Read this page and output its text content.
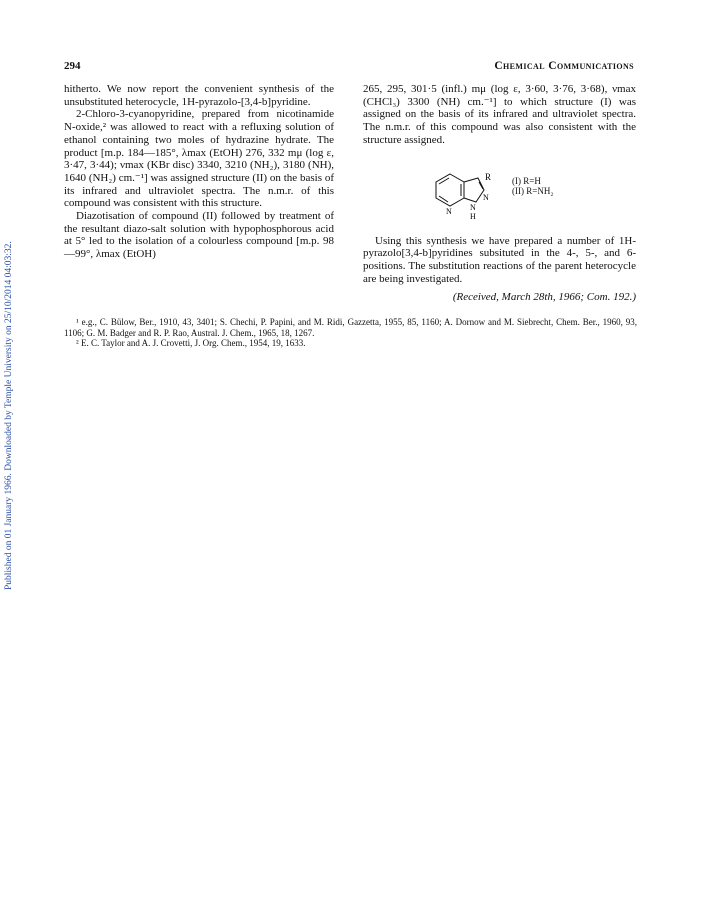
Published on 01 January 1966. Downloaded by Temple University on 25/10/2014 04:03:32.
294	Chemical Communications

hitherto. We now report the convenient synthesis of the unsubstituted heterocycle, 1H-pyrazolo-[3,4-b]pyridine.

2-Chloro-3-cyanopyridine, prepared from nicotinamide N-oxide,² was allowed to react with a refluxing solution of ethanol containing two moles of hydrazine hydrate. The product [m.p. 184—185°, λmax (EtOH) 276, 332 mμ (log ε, 3·47, 3·44); νmax (KBr disc) 3340, 3210 (NH₂), 3180 (NH), 1640 (NH₂) cm.⁻¹] was assigned structure (II) on the basis of its infrared and ultraviolet spectra. The n.m.r. of this compound was consistent with this structure.

Diazotisation of compound (II) followed by treatment of the resultant diazo-salt solution with hypophosphorous acid at 5° led to the isolation of a colourless compound [m.p. 98—99°, λmax (EtOH)

265, 295, 301·5 (infl.) mμ (log ε, 3·60, 3·76, 3·68), νmax (CHCl₃) 3300 (NH) cm.⁻¹] to which structure (I) was assigned on the basis of its infrared and ultraviolet spectra. The n.m.r. of this compound was also consistent with the structure assigned.

Using this synthesis we have prepared a number of 1H-pyrazolo[3,4-b]pyridines subsituted in the 4-, 5-, and 6-positions. The substitution reactions of the parent heterocycle are being investigated.

(Received, March 28th, 1966; Com. 192.)

R
N
N
N
H
(I) R=H
(II) R=NH₂

¹ e.g., C. Bülow, Ber., 1910, 43, 3401; S. Chechi, P. Papini, and M. Ridi, Gazzetta, 1955, 85, 1160; A. Dornow and M. Siebrecht, Chem. Ber., 1960, 93, 1106; G. M. Badger and R. P. Rao, Austral. J. Chem., 1965, 18, 1267.

² E. C. Taylor and A. J. Crovetti, J. Org. Chem., 1954, 19, 1633.
